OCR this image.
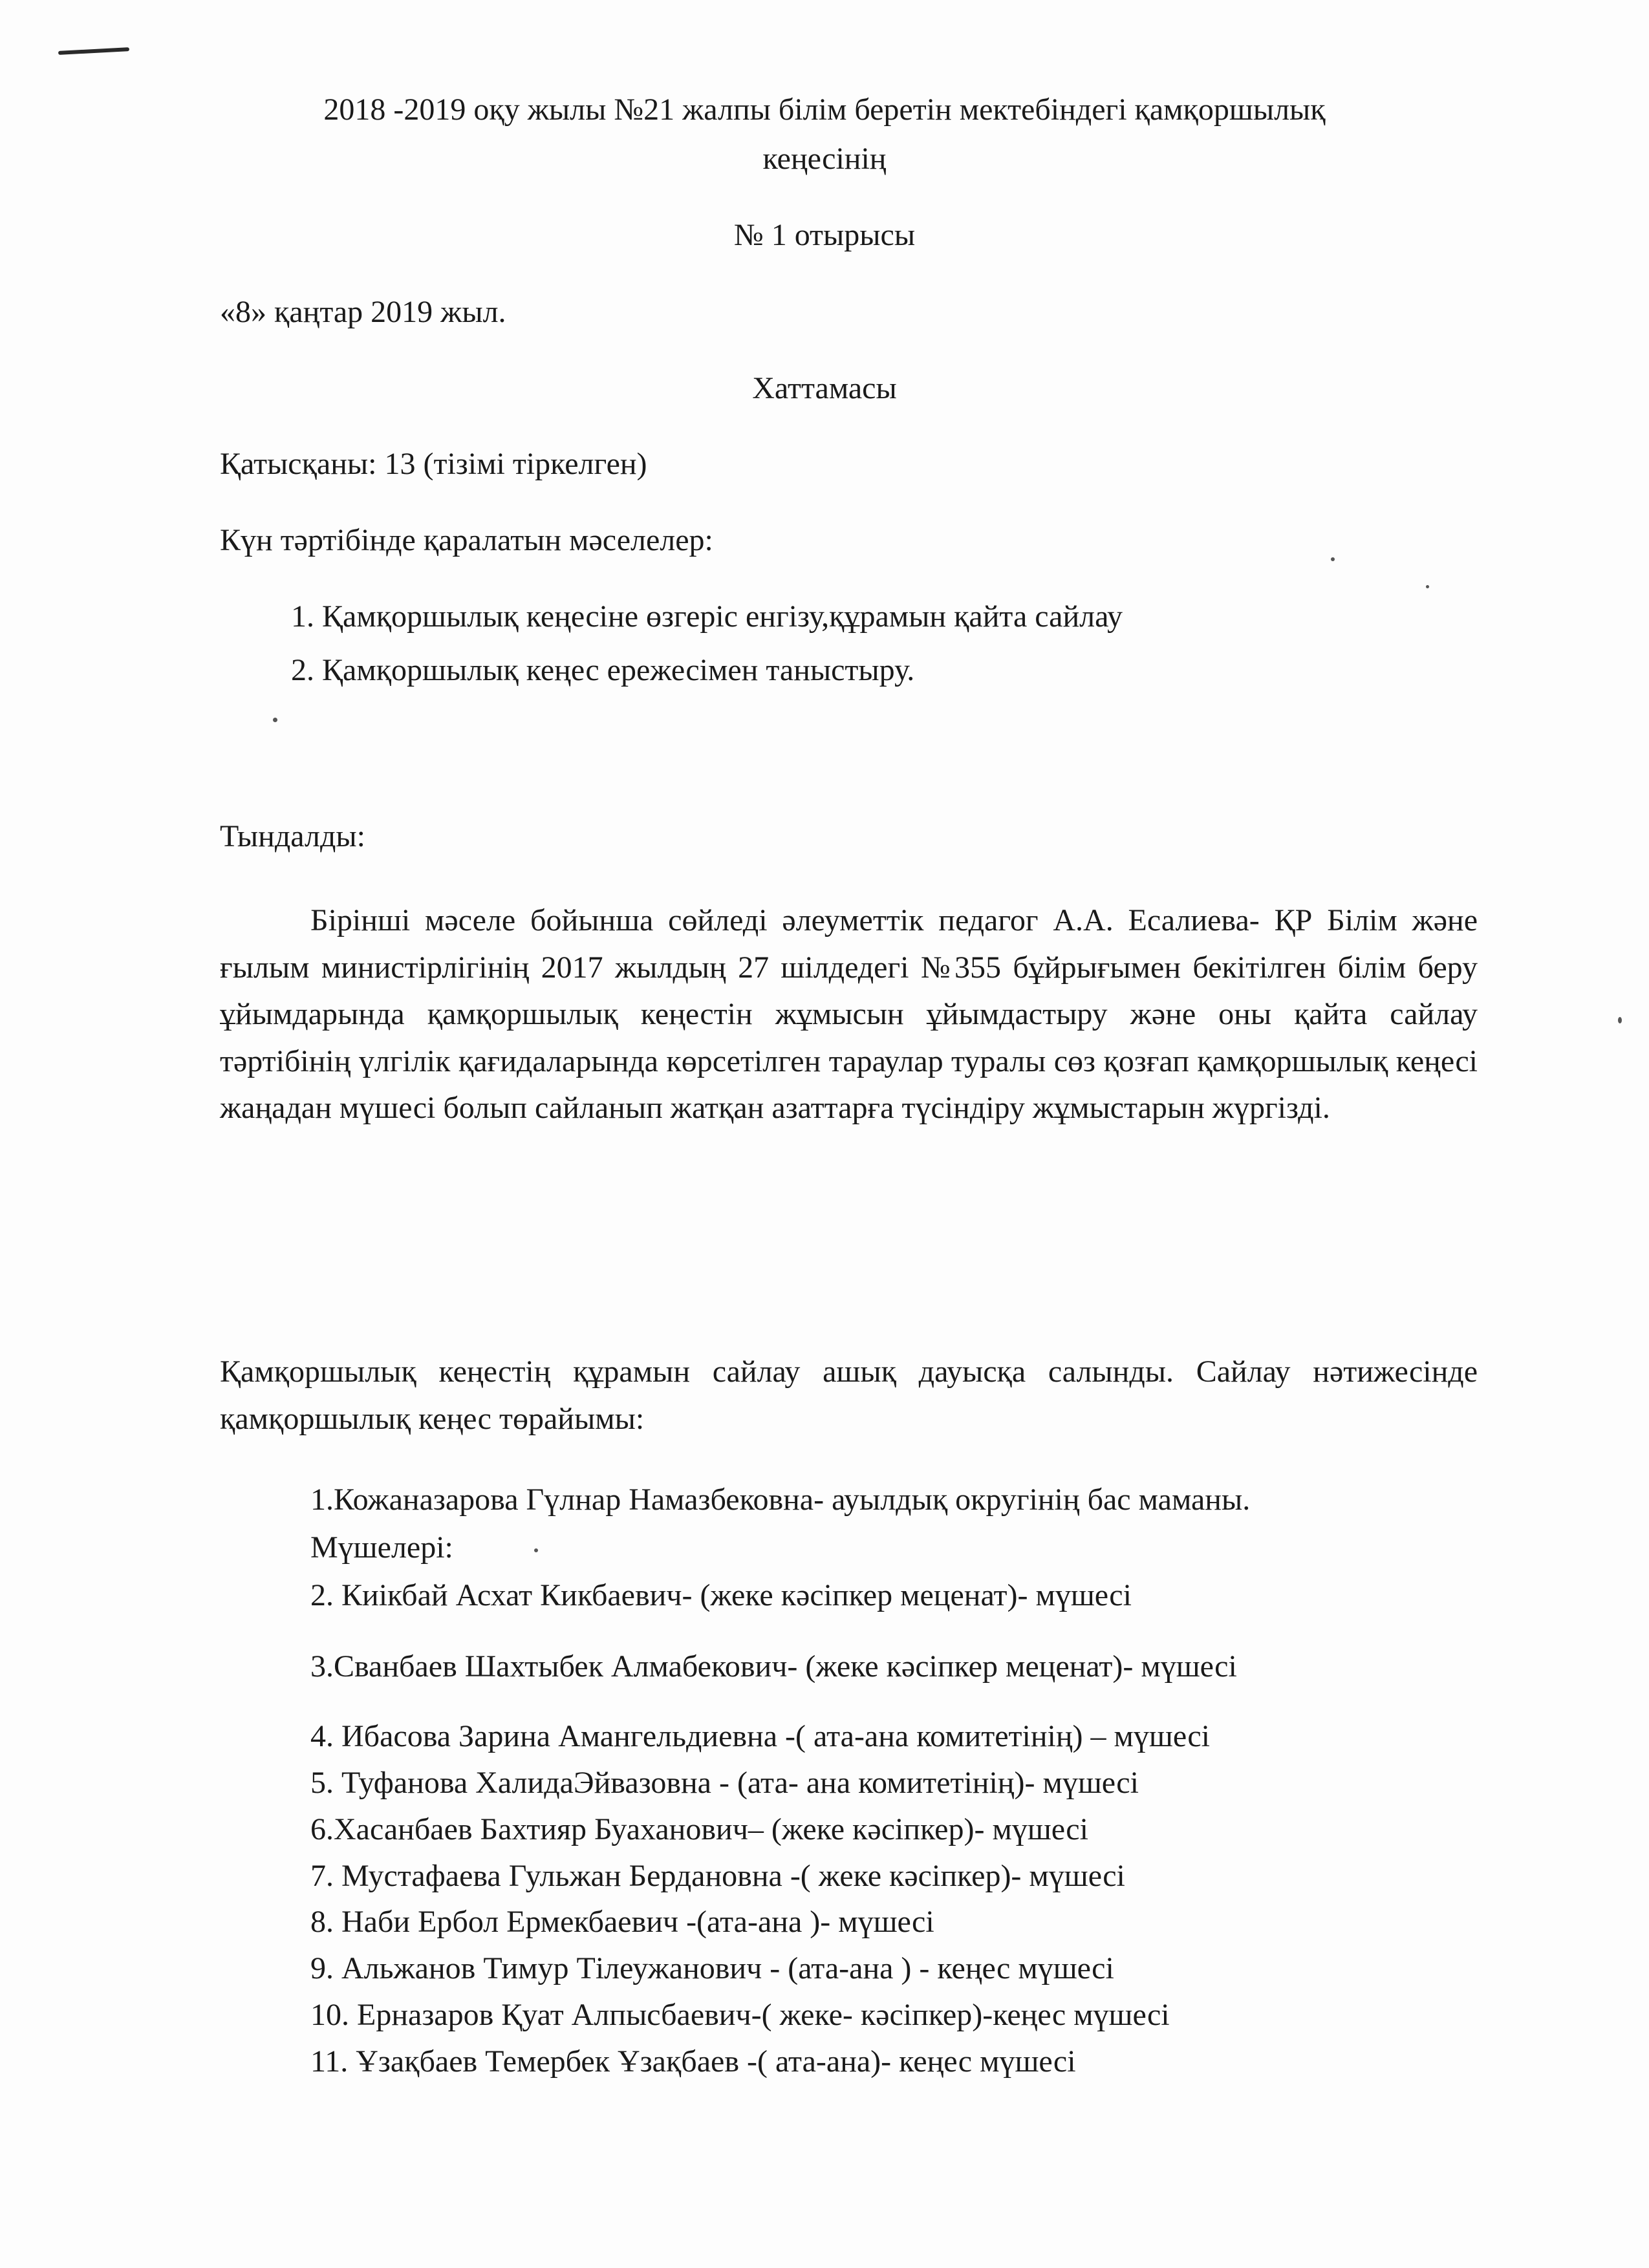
2018 -2019 оқу жылы №21 жалпы білім беретін мектебіндегі қамқоршылық
кеңесінің
№ 1 отырысы
«8» қаңтар 2019 жыл.
Хаттамасы
Қатысқаны: 13 (тізімі тіркелген)
Күн тәртібінде қаралатын мәселелер:
1. Қамқоршылық кеңесіне өзгеріс енгізу,құрамын қайта сайлау
2. Қамқоршылық кеңес ережесімен таныстыру.
Тындалды:

Бірінші мәселе бойынша сөйледі әлеуметтік педагог А.А. Есалиева- ҚР Білім және ғылым министірлігінің 2017 жылдың 27 шілдедегі №355 бұйрығымен бекітілген білім беру ұйымдарында қамқоршылық кеңестін жұмысын ұйымдастыру және оны қайта сайлау тәртібінің үлгілік қағидаларында көрсетілген тараулар туралы сөз қозғап қамқоршылық кеңесі жаңадан мүшесі болып сайланып жатқан азаттарға түсіндіру жұмыстарын жүргізді.

Қамқоршылық кеңестің құрамын сайлау ашық дауысқа салынды. Сайлау нәтижесінде қамқоршылық кеңес төрайымы:

1.Кожаназарова Гүлнар Намазбековна- ауылдық округінің бас маманы.
Мүшелері:
2. Киікбай Асхат Кикбаевич- (жеке кәсіпкер меценат)- мүшесі
3.Сванбаев Шахтыбек Алмабекович- (жеке кәсіпкер меценат)- мүшесі
4. Ибасова Зарина Амангельдиевна -( ата-ана комитетінің) – мүшесі
5. Туфанова ХалидаЭйвазовна - (ата- ана комитетінің)- мүшесі
6.Хасанбаев Бахтияр Буаханович– (жеке кәсіпкер)- мүшесі
7. Мустафаева Гульжан Бердановна -( жеке кәсіпкер)- мүшесі
8. Наби Ербол Ермекбаевич -(ата-ана )- мүшесі
9. Альжанов Тимур Тілеужанович - (ата-ана ) - кеңес мүшесі
10. Ерназаров Қуат Алпысбаевич-( жеке- кәсіпкер)-кеңес мүшесі
11. Ұзақбаев Темербек Ұзақбаев -( ата-ана)- кеңес мүшесі
